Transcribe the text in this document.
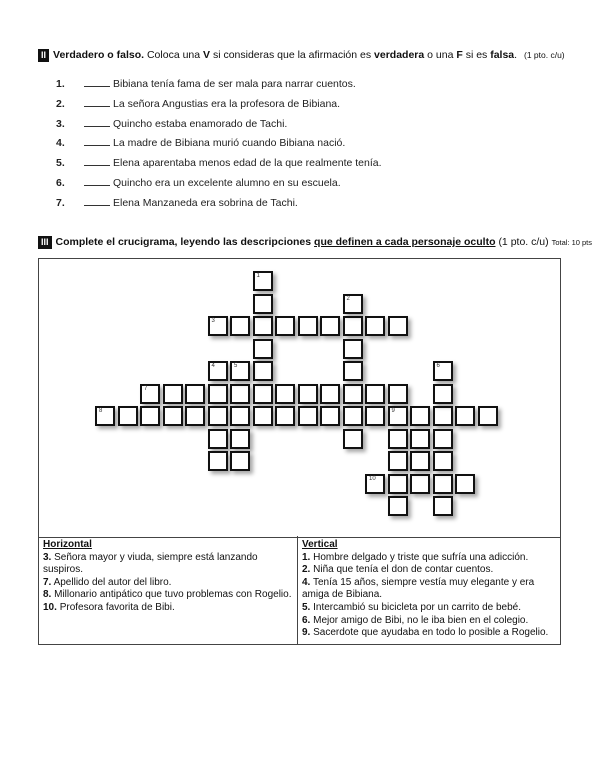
II Verdadero o falso. Coloca una V si consideras que la afirmación es verdadera o una F si es falsa. (1 pto. c/u)
1.	Bibiana tenía fama de ser mala para narrar cuentos.
2.	La señora Angustias era la profesora de Bibiana.
3.	Quincho estaba enamorado de Tachi.
4.	La madre de Bibiana murió cuando Bibiana nació.
5.	Elena aparentaba menos edad de la que realmente tenía.
6.	Quincho era un excelente alumno en su escuela.
7.	Elena Manzaneda era sobrina de Tachi.
III Complete el crucigrama, leyendo las descripciones que definen a cada personaje oculto (1 pto. c/u) Total: 10 pts
3
7
8	9
10
4
1
5
2
6
Horizontal
3. Señora mayor y viuda, siempre está lanzando suspiros.
7. Apellido del autor del libro.
8. Millonario antipático que tuvo problemas con Rogelio.
10. Profesora favorita de Bibi.
Vertical
1. Hombre delgado y triste que sufría una adicción.
2. Niña que tenía el don de contar cuentos.
4. Tenía 15 años, siempre vestía muy elegante y era amiga de Bibiana.
5. Intercambió su bicicleta por un carrito de bebé.
6. Mejor amigo de Bibi, no le iba bien en el colegio.
9. Sacerdote que ayudaba en todo lo posible a Rogelio.
